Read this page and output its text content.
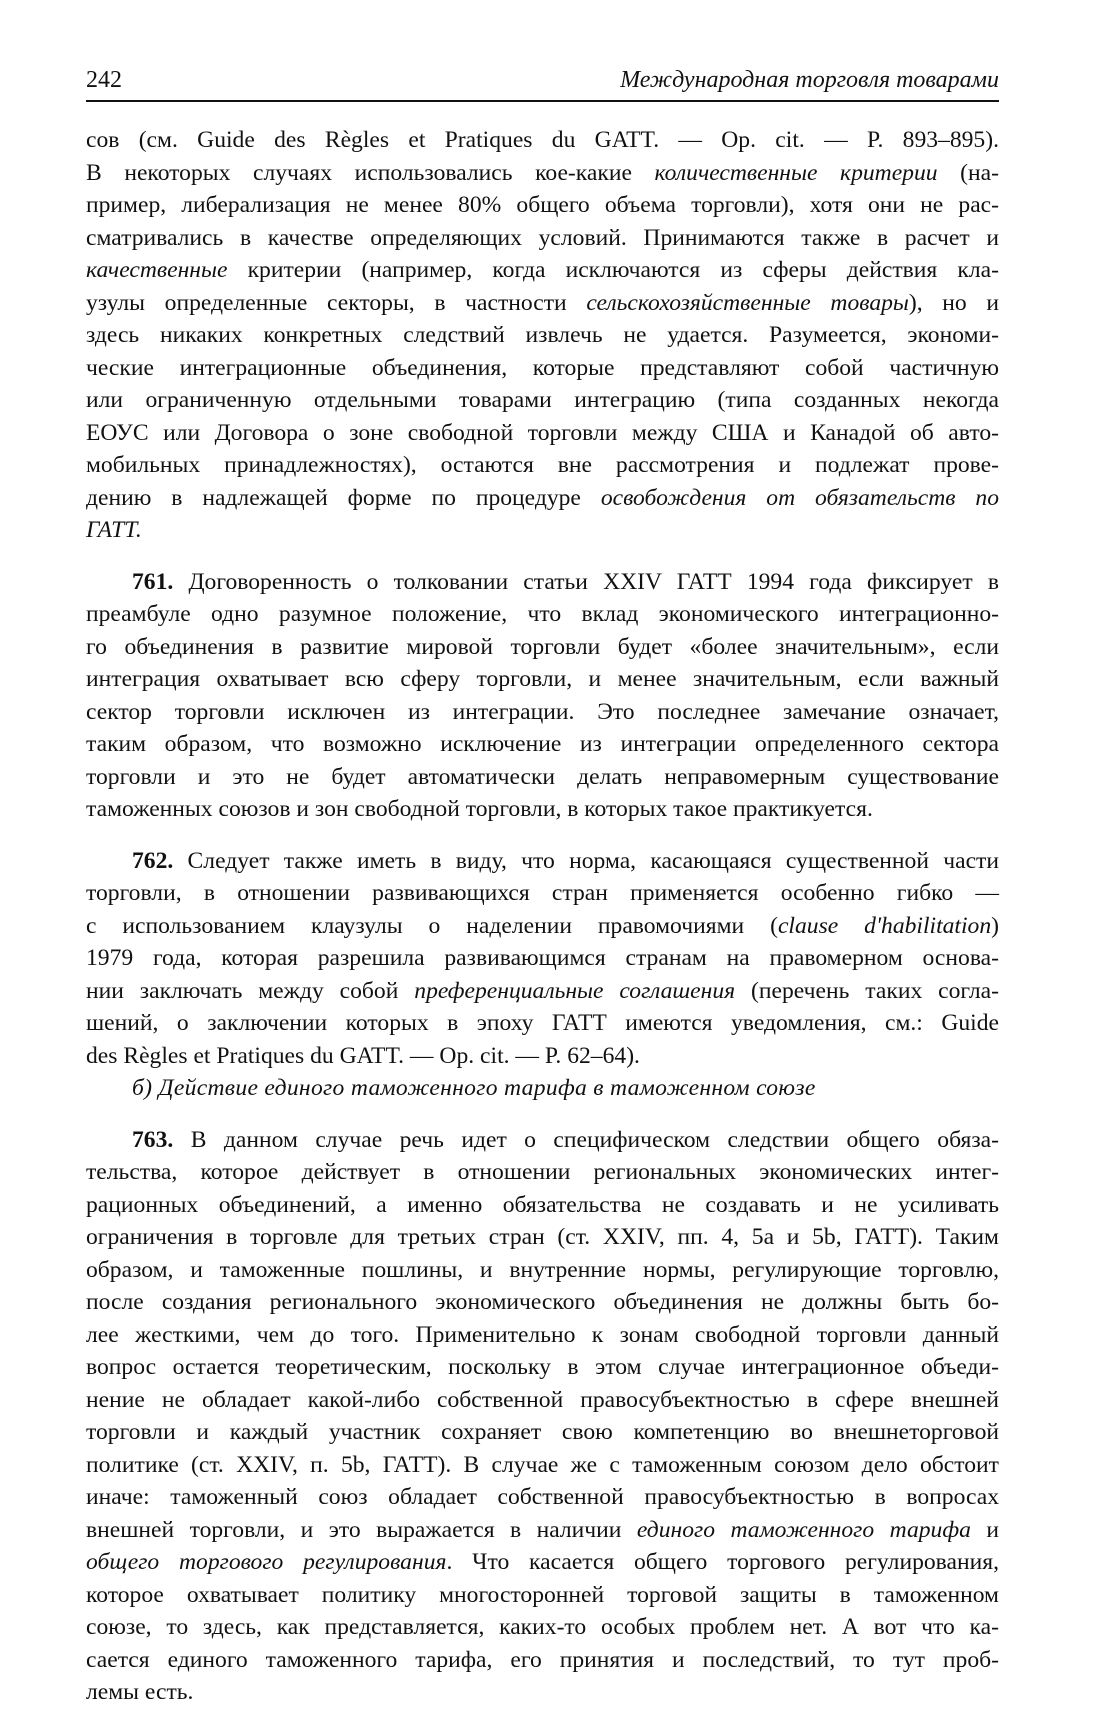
242	Международная торговля товарами

сов (см. Guide des Règles et Pratiques du GATT. — Op. cit. — P. 893–895).
В некоторых случаях использовались кое-какие количественные критерии (на-
пример, либерализация не менее 80% общего объема торговли), хотя они не рас-
сматривались в качестве определяющих условий. Принимаются также в расчет и
качественные критерии (например, когда исключаются из сферы действия кла-
узулы определенные секторы, в частности сельскохозяйственные товары), но и
здесь никаких конкретных следствий извлечь не удается. Разумеется, экономи-
ческие интеграционные объединения, которые представляют собой частичную
или ограниченную отдельными товарами интеграцию (типа созданных некогда
ЕОУС или Договора о зоне свободной торговли между США и Канадой об авто-
мобильных принадлежностях), остаются вне рассмотрения и подлежат прове-
дению в надлежащей форме по процедуре освобождения от обязательств по
ГАТТ.

761. Договоренность о толковании статьи XXIV ГАТТ 1994 года фиксирует в
преамбуле одно разумное положение, что вклад экономического интеграционно-
го объединения в развитие мировой торговли будет «более значительным», если
интеграция охватывает всю сферу торговли, и менее значительным, если важный
сектор торговли исключен из интеграции. Это последнее замечание означает,
таким образом, что возможно исключение из интеграции определенного сектора
торговли и это не будет автоматически делать неправомерным существование
таможенных союзов и зон свободной торговли, в которых такое практикуется.

762. Следует также иметь в виду, что норма, касающаяся существенной части
торговли, в отношении развивающихся стран применяется особенно гибко —
с использованием клаузулы о наделении правомочиями (clause d'habilitation)
1979 года, которая разрешила развивающимся странам на правомерном основа-
нии заключать между собой преференциальные соглашения (перечень таких согла-
шений, о заключении которых в эпоху ГАТТ имеются уведомления, см.: Guide
des Règles et Pratiques du GATT. — Op. cit. — P. 62–64).

б) Действие единого таможенного тарифа в таможенном союзе

763. В данном случае речь идет о специфическом следствии общего обяза-
тельства, которое действует в отношении региональных экономических интег-
рационных объединений, а именно обязательства не создавать и не усиливать
ограничения в торговле для третьих стран (ст. XXIV, пп. 4, 5a и 5b, ГАТТ). Таким
образом, и таможенные пошлины, и внутренние нормы, регулирующие торговлю,
после создания регионального экономического объединения не должны быть бо-
лее жесткими, чем до того. Применительно к зонам свободной торговли данный
вопрос остается теоретическим, поскольку в этом случае интеграционное объеди-
нение не обладает какой-либо собственной правосубъектностью в сфере внешней
торговли и каждый участник сохраняет свою компетенцию во внешнеторговой
политике (ст. XXIV, п. 5b, ГАТТ). В случае же с таможенным союзом дело обстоит
иначе: таможенный союз обладает собственной правосубъектностью в вопросах
внешней торговли, и это выражается в наличии единого таможенного тарифа и
общего торгового регулирования. Что касается общего торгового регулирования,
которое охватывает политику многосторонней торговой защиты в таможенном
союзе, то здесь, как представляется, каких-то особых проблем нет. А вот что ка-
сается единого таможенного тарифа, его принятия и последствий, то тут проб-
лемы есть.
